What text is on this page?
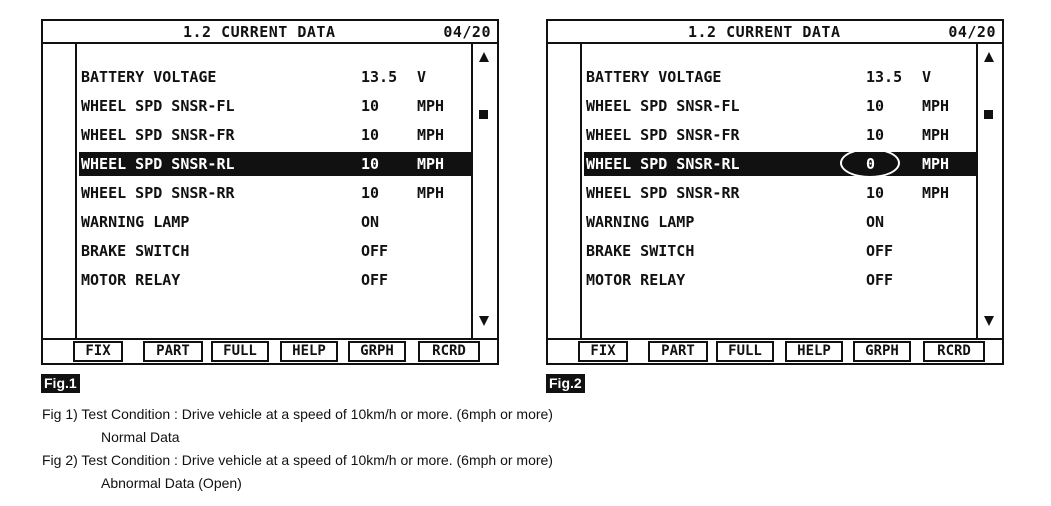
1.2 CURRENT DATA	04/20
BATTERY VOLTAGE	13.5 V
WHEEL SPD SNSR-FL	10	MPH
WHEEL SPD SNSR-FR	10	MPH
WHEEL SPD SNSR-RL	10	MPH
WHEEL SPD SNSR-RR	10	MPH
WARNING LAMP	ON
BRAKE SWITCH	OFF
MOTOR RELAY	OFF
FIX	PART	FULL	HELP	GRPH	RCRD
1.2 CURRENT DATA	04/20
BATTERY VOLTAGE	13.5 V
WHEEL SPD SNSR-FL	10	MPH
WHEEL SPD SNSR-FR	10	MPH
WHEEL SPD SNSR-RL	0	MPH
WHEEL SPD SNSR-RR	10	MPH
WARNING LAMP	ON
BRAKE SWITCH	OFF
MOTOR RELAY	OFF
FIX	PART	FULL	HELP	GRPH	RCRD
Fig.1	Fig.2
Fig 1) Test Condition : Drive vehicle at a speed of 10km/h or more. (6mph or more)
Normal Data
Fig 2) Test Condition : Drive vehicle at a speed of 10km/h or more. (6mph or more)
Abnormal Data (Open)
